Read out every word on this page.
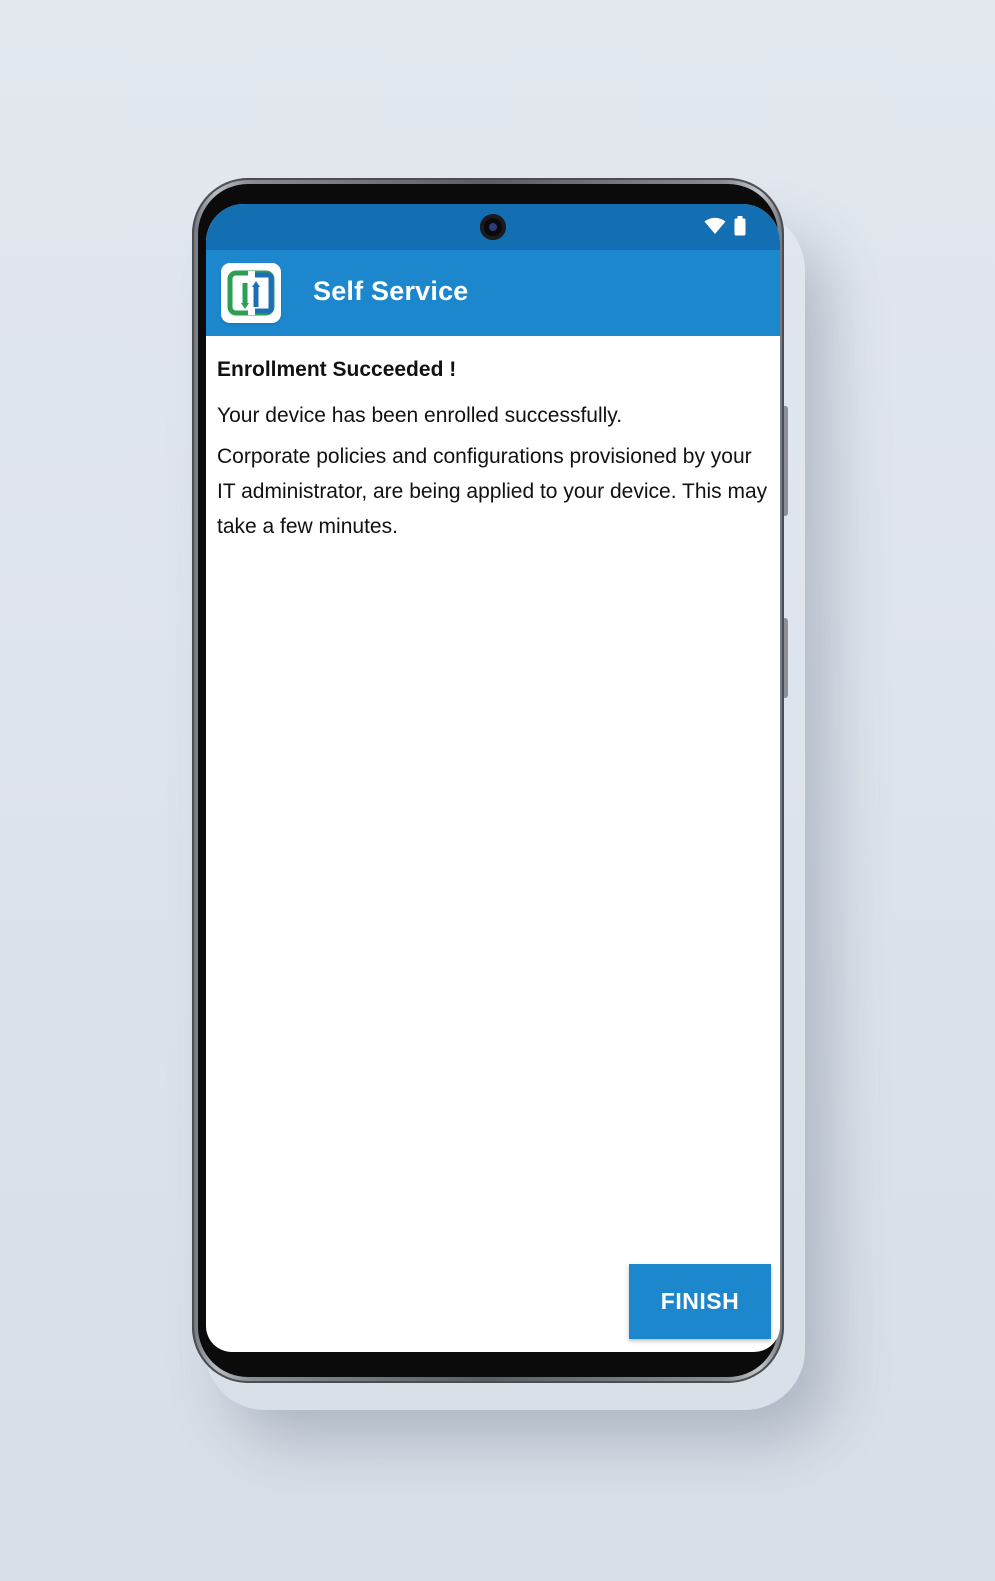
Self Service
Enrollment Succeeded !

Your device has been enrolled successfully.

Corporate policies and configurations provisioned by your IT administrator, are being applied to your device. This may take a few minutes.

FINISH
